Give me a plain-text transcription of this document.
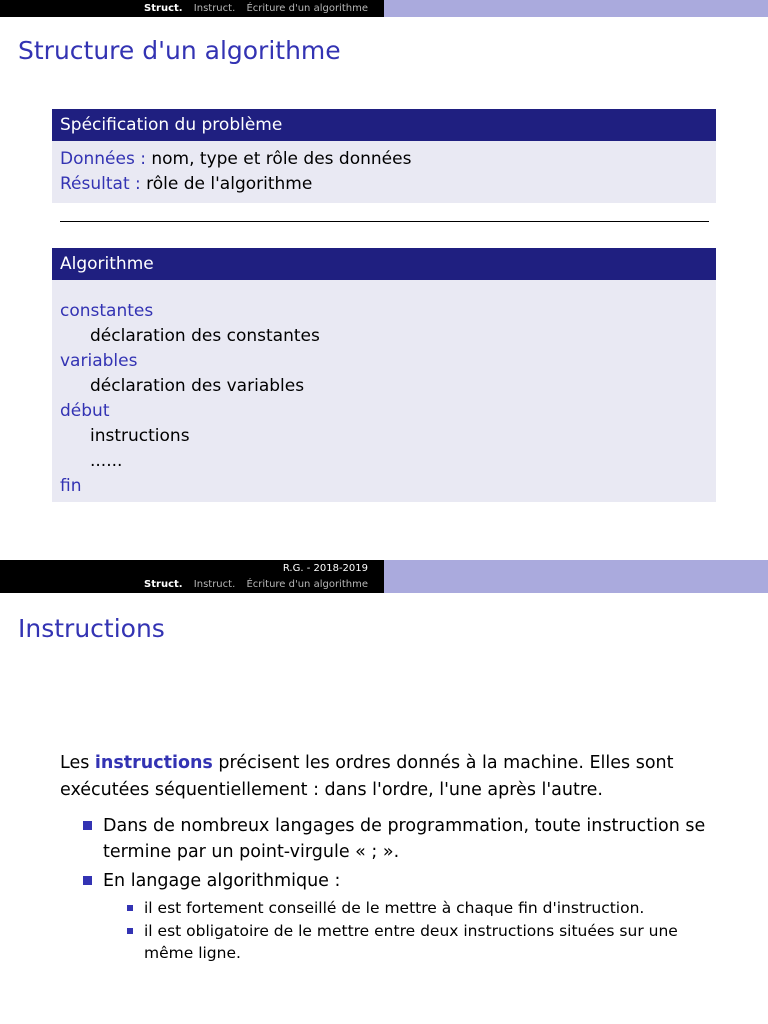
Struct. Instruct. Écriture d'un algorithme
Structure d'un algorithme
Spécification du problème
Données : nom, type et rôle des données
Résultat : rôle de l'algorithme
Algorithme
constantes
déclaration des constantes
variables
déclaration des variables
début
instructions
......
fin
R.G. - 2018-2019
Struct. Instruct. Écriture d'un algorithme
Instructions
Les instructions précisent les ordres donnés à la machine. Elles sont exécutées séquentiellement : dans l'ordre, l'une après l'autre.
Dans de nombreux langages de programmation, toute instruction se termine par un point-virgule « ; ».
En langage algorithmique :
il est fortement conseillé de le mettre à chaque fin d'instruction.
il est obligatoire de le mettre entre deux instructions situées sur une même ligne.
